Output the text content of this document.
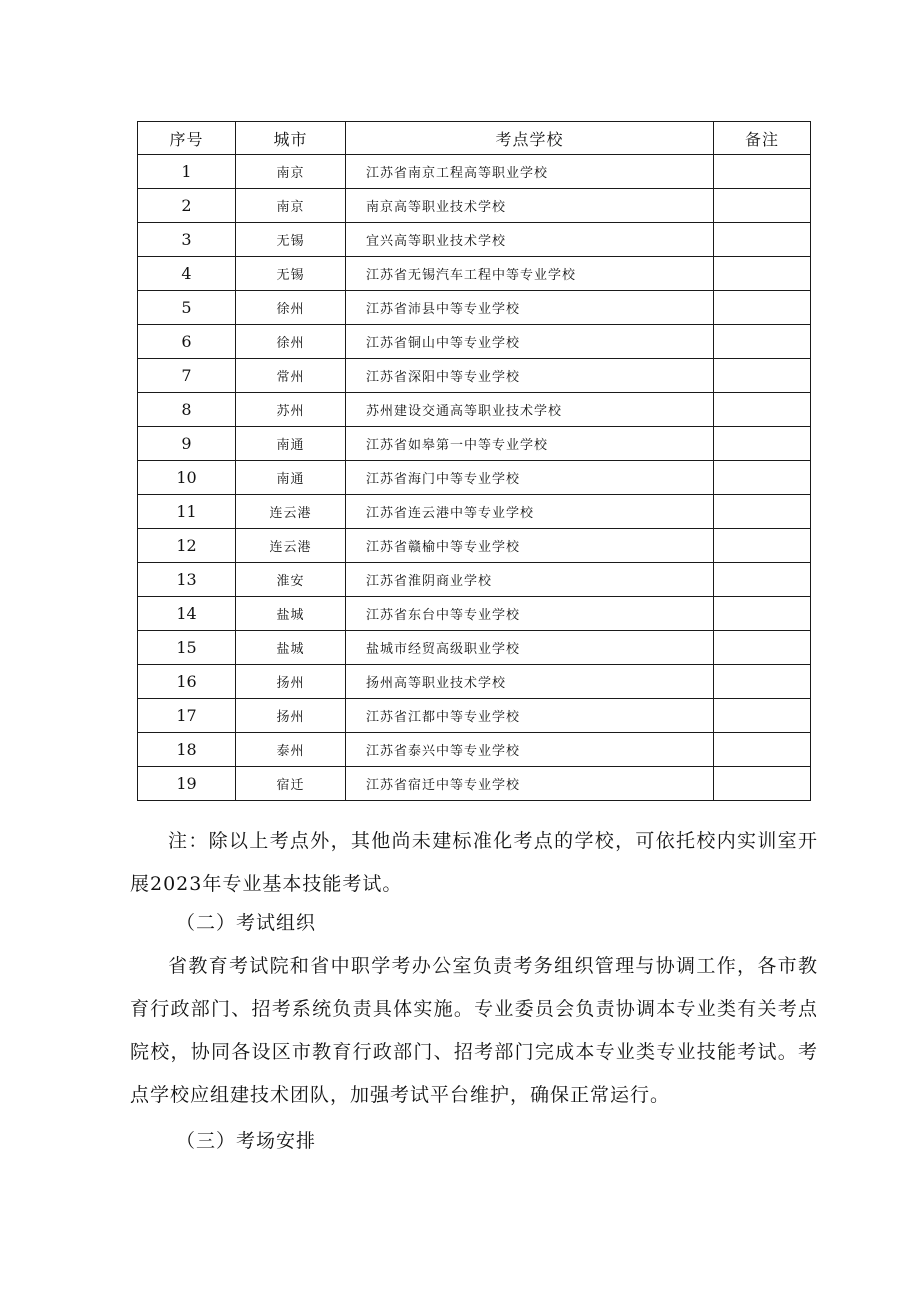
序号	城市	考点学校	备注
1	南京	江苏省南京工程高等职业学校	
2	南京	南京高等职业技术学校	
3	无锡	宜兴高等职业技术学校	
4	无锡	江苏省无锡汽车工程中等专业学校	
5	徐州	江苏省沛县中等专业学校	
6	徐州	江苏省铜山中等专业学校	
7	常州	江苏省深阳中等专业学校	
8	苏州	苏州建设交通高等职业技术学校	
9	南通	江苏省如皋第一中等专业学校	
10	南通	江苏省海门中等专业学校	
11	连云港	江苏省连云港中等专业学校	
12	连云港	江苏省赣榆中等专业学校	
13	淮安	江苏省淮阴商业学校	
14	盐城	江苏省东台中等专业学校	
15	盐城	盐城市经贸高级职业学校	
16	扬州	扬州高等职业技术学校	
17	扬州	江苏省江都中等专业学校	
18	泰州	江苏省泰兴中等专业学校	
19	宿迁	江苏省宿迁中等专业学校	

注：除以上考点外，其他尚未建标准化考点的学校，可依托校内实训室开展2023年专业基本技能考试。

（二）考试组织

省教育考试院和省中职学考办公室负责考务组织管理与协调工作，各市教育行政部门、招考系统负责具体实施。专业委员会负责协调本专业类有关考点院校，协同各设区市教育行政部门、招考部门完成本专业类专业技能考试。考点学校应组建技术团队，加强考试平台维护，确保正常运行。

（三）考场安排
